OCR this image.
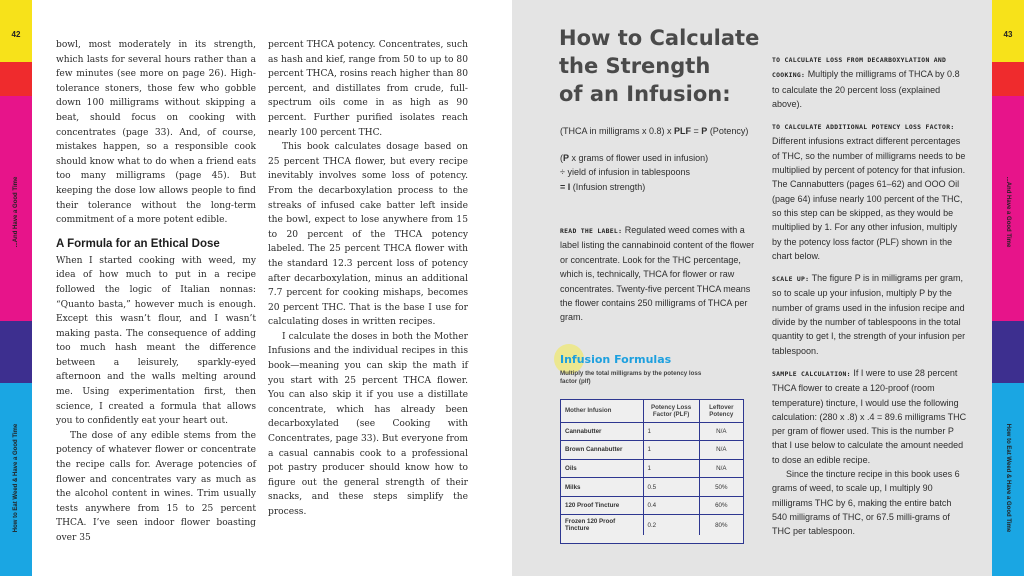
42
...And Have a Good Time
How to Eat Weed & Have a Good Time

bowl, most moderately in its strength, which lasts for several hours rather than a few minutes (see more on page 26). High-tolerance stoners, those few who gobble down 100 milligrams without skipping a beat, should focus on cooking with concentrates (page 33). And, of course, mistakes happen, so a responsible cook should know what to do when a friend eats too many milligrams (page 45). But keeping the dose low allows people to find their tolerance without the long-term commitment of a more potent edible.

A Formula for an Ethical Dose

When I started cooking with weed, my idea of how much to put in a recipe followed the logic of Italian nonnas: “Quanto basta,” however much is enough. Except this wasn’t flour, and I wasn’t making pasta. The consequence of adding too much hash meant the difference between a leisurely, sparkly-eyed afternoon and the walls melting around me. Using experimentation first, then science, I created a formula that allows you to confidently eat your heart out.

The dose of any edible stems from the potency of whatever flower or concentrate the recipe calls for. Average potencies of flower and concentrates vary as much as the alcohol content in wines. Trim usually tests anywhere from 15 to 25 percent THCA. I’ve seen indoor flower boasting over 35

percent THCA potency. Concentrates, such as hash and kief, range from 50 to up to 80 percent THCA, rosins reach higher than 80 percent, and distillates from crude, full-spectrum oils come in as high as 90 percent. Further purified isolates reach nearly 100 percent THC.

This book calculates dosage based on 25 percent THCA flower, but every recipe inevitably involves some loss of potency. From the decarboxylation process to the streaks of infused cake batter left inside the bowl, expect to lose anywhere from 15 to 20 percent of the THCA potency labeled. The 25 percent THCA flower with the standard 12.3 percent loss of potency after decarboxylation, minus an additional 7.7 percent for cooking mishaps, becomes 20 percent THC. That is the base I use for calculating doses in written recipes.

I calculate the doses in both the Mother Infusions and the individual recipes in this book—meaning you can skip the math if you start with 25 percent THCA flower. You can also skip it if you use a distillate concentrate, which has already been decarboxylated (see Cooking with Concentrates, page 33). But everyone from a casual cannabis cook to a professional pot pastry producer should know how to figure out the general strength of their snacks, and these steps simplify the process.

How to Calculate
the Strength
of an Infusion:
(THCA in milligrams x 0.8) x PLF = P (Potency)
(P x grams of flower used in infusion)
÷ yield of infusion in tablespoons
= I (Infusion strength)
READ THE LABEL: Regulated weed comes with a label listing the cannabinoid content of the flower or concentrate. Look for the THC percentage, which is, technically, THCA for flower or raw concentrates. Twenty-five percent THCA means the flower contains 250 milligrams of THCA per gram.
Infusion Formulas
Multiply the total milligrams by the potency loss factor (plf)
Mother Infusion	Potency Loss Factor (PLF)	Leftover Potency
Cannabutter	1	N/A
Brown Cannabutter	1	N/A
Oils	1	N/A
Milks	0.5	50%
120 Proof Tincture	0.4	60%
Frozen 120 Proof Tincture	0.2	80%

TO CALCULATE LOSS FROM DECARBOXYLATION AND COOKING: Multiply the milligrams of THCA by 0.8 to calculate the 20 percent loss (explained above).

TO CALCULATE ADDITIONAL POTENCY LOSS FACTOR: Different infusions extract different percentages of THC, so the number of milligrams needs to be multiplied by percent of potency for that infusion. The Cannabutters (pages 61–62) and OOO Oil (page 64) infuse nearly 100 percent of the THC, so this step can be skipped, as they would be multiplied by 1. For any other infusion, multiply by the potency loss factor (PLF) shown in the chart below.

SCALE UP: The figure P is in milligrams per gram, so to scale up your infusion, multiply P by the number of grams used in the infusion recipe and divide by the number of tablespoons in the total quantity to get I, the strength of your infusion per tablespoon.

SAMPLE CALCULATION: If I were to use 28 percent THCA flower to create a 120-proof (room temperature) tincture, I would use the following calculation: (280 x .8) x .4 = 89.6 milligrams THC per gram of flower used. This is the number P that I use below to calculate the amount needed to dose an edible recipe.

Since the tincture recipe in this book uses 6 grams of weed, to scale up, I multiply 90 milligrams THC by 6, making the entire batch 540 milligrams of THC, or 67.5 milli-grams of THC per tablespoon.

43
...And Have a Good Time
How to Eat Weed & Have a Good Time
